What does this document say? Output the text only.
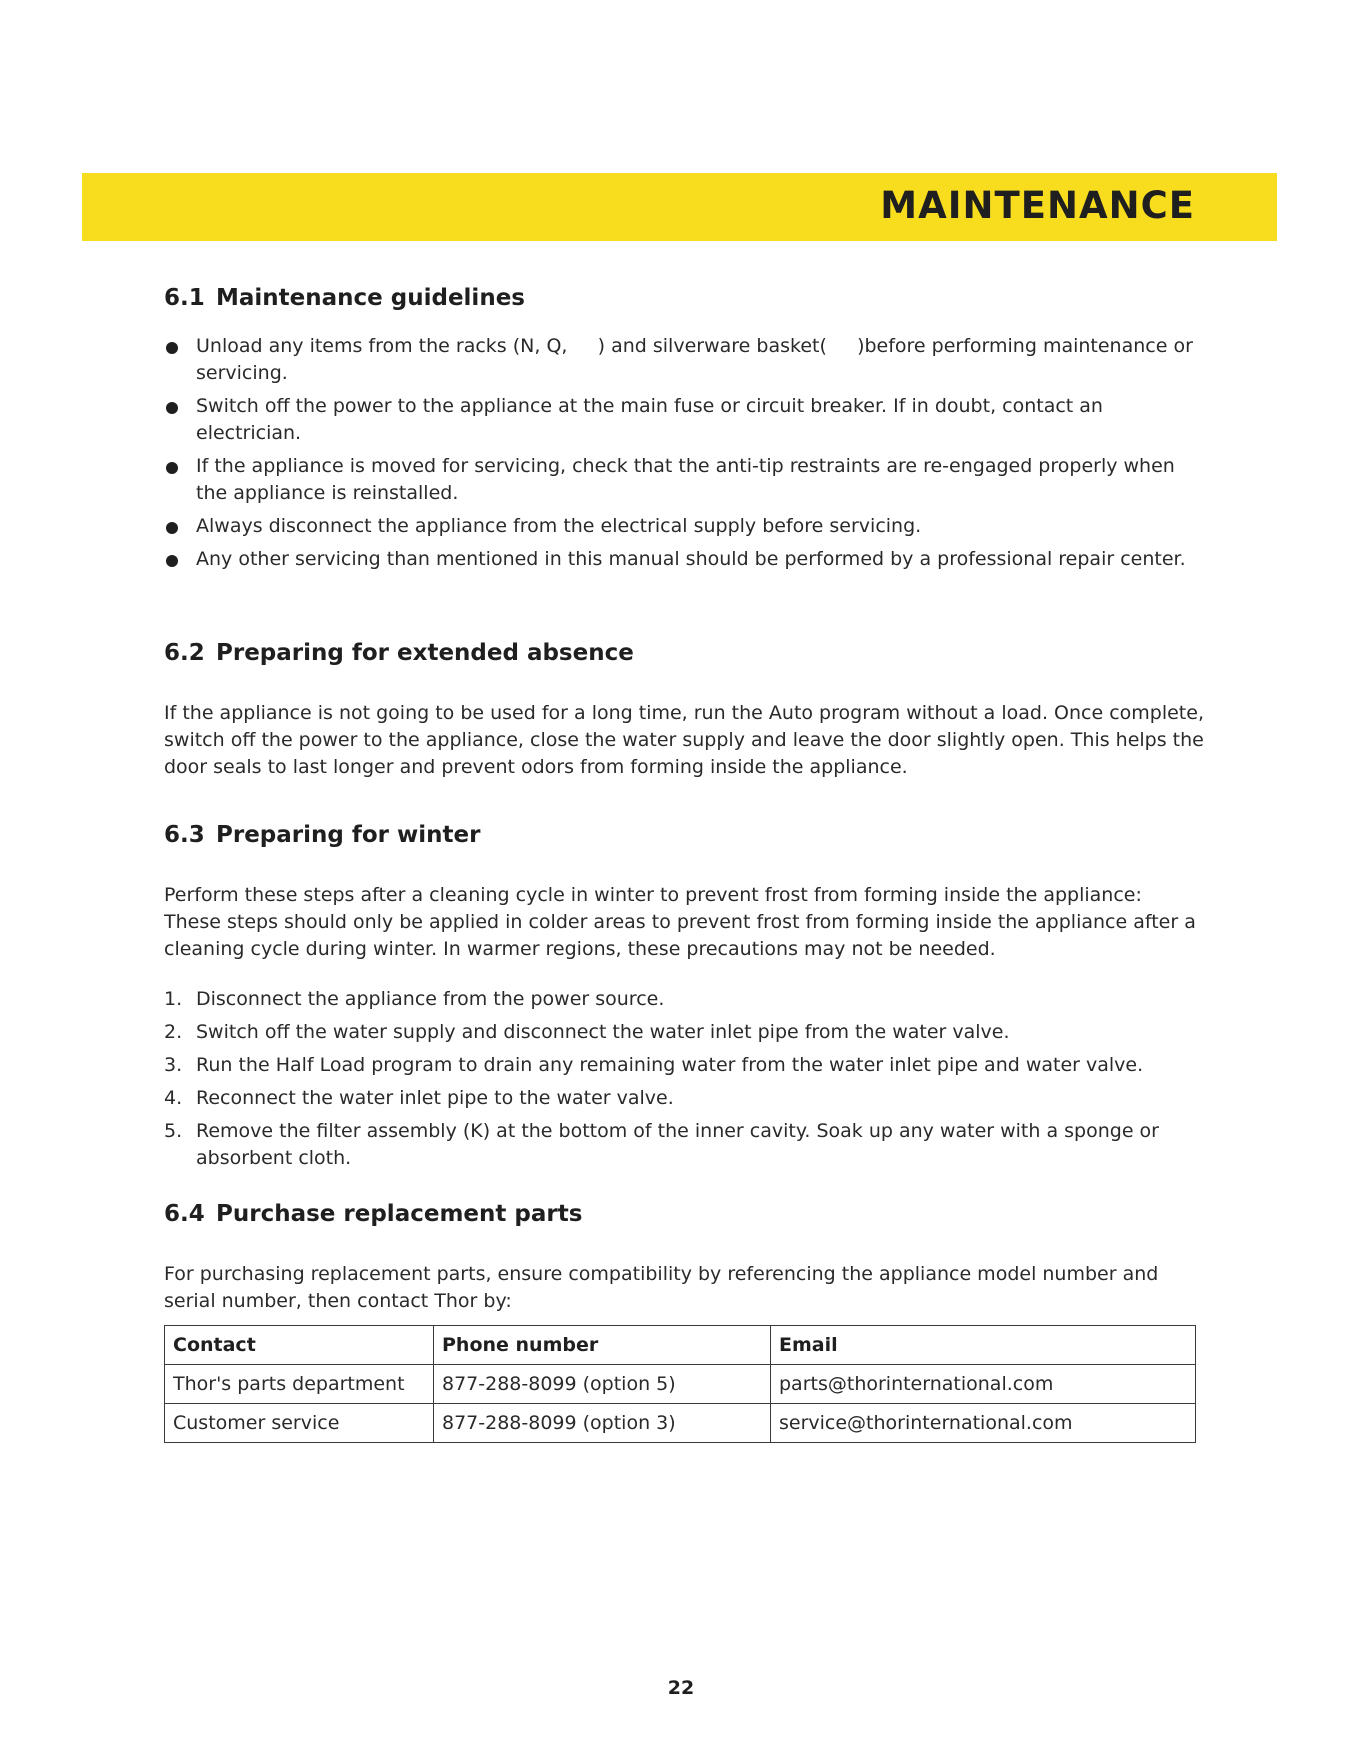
MAINTENANCE
6.1 Maintenance guidelines
Unload any items from the racks (N, Q,     ) and silverware basket(     )before performing maintenance or servicing.
Switch off the power to the appliance at the main fuse or circuit breaker. If in doubt, contact an electrician.
If the appliance is moved for servicing, check that the anti-tip restraints are re-engaged properly when the appliance is reinstalled.
Always disconnect the appliance from the electrical supply before servicing.
Any other servicing than mentioned in this manual should be performed by a professional repair center.
6.2 Preparing for extended absence

If the appliance is not going to be used for a long time, run the Auto program without a load. Once complete, switch off the power to the appliance, close the water supply and leave the door slightly open. This helps the door seals to last longer and prevent odors from forming inside the appliance.

6.3 Preparing for winter

Perform these steps after a cleaning cycle in winter to prevent frost from forming inside the appliance: These steps should only be applied in colder areas to prevent frost from forming inside the appliance after a cleaning cycle during winter. In warmer regions, these precautions may not be needed.

1. Disconnect the appliance from the power source.
2. Switch off the water supply and disconnect the water inlet pipe from the water valve.
3. Run the Half Load program to drain any remaining water from the water inlet pipe and water valve.
4. Reconnect the water inlet pipe to the water valve.
5. Remove the filter assembly (K) at the bottom of the inner cavity. Soak up any water with a sponge or absorbent cloth.
6.4 Purchase replacement parts

For purchasing replacement parts, ensure compatibility by referencing the appliance model number and serial number, then contact Thor by:

Contact	Phone number	Email
Thor's parts department	877-288-8099 (option 5)	parts@thorinternational.com
Customer service	877-288-8099 (option 3)	service@thorinternational.com
22
